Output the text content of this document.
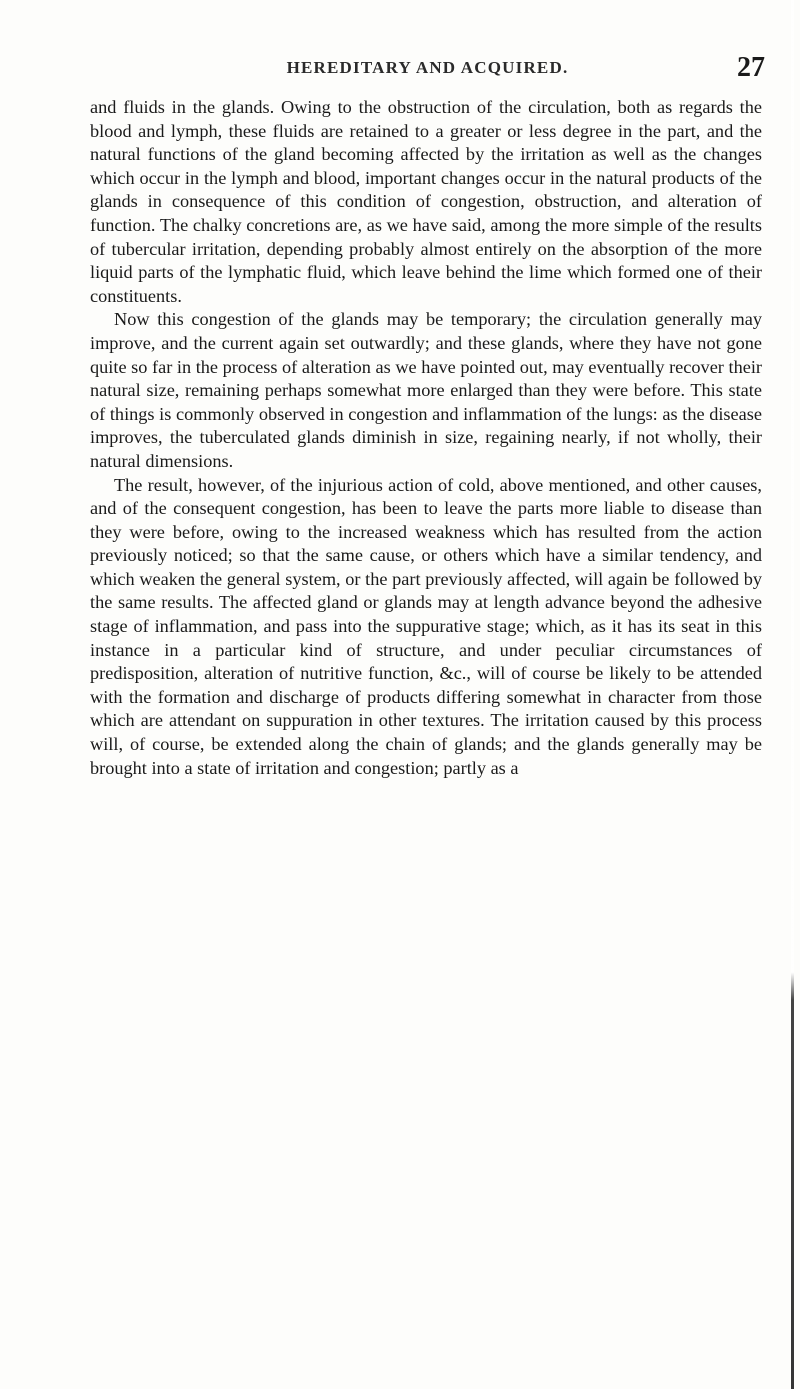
HEREDITARY AND ACQUIRED.	27

and fluids in the glands. Owing to the obstruction of the circulation, both as regards the blood and lymph, these fluids are retained to a greater or less degree in the part, and the natural functions of the gland becoming affected by the irritation as well as the changes which occur in the lymph and blood, important changes occur in the natural products of the glands in consequence of this condition of congestion, obstruction, and alteration of function. The chalky concretions are, as we have said, among the more simple of the results of tubercular irritation, depending probably almost entirely on the absorption of the more liquid parts of the lymphatic fluid, which leave behind the lime which formed one of their constituents.

Now this congestion of the glands may be temporary; the circulation generally may improve, and the current again set outwardly; and these glands, where they have not gone quite so far in the process of alteration as we have pointed out, may eventually recover their natural size, remaining perhaps somewhat more enlarged than they were before. This state of things is commonly observed in congestion and inflammation of the lungs: as the disease improves, the tuberculated glands diminish in size, regaining nearly, if not wholly, their natural dimensions.

The result, however, of the injurious action of cold, above mentioned, and other causes, and of the consequent congestion, has been to leave the parts more liable to disease than they were before, owing to the increased weakness which has resulted from the action previously noticed; so that the same cause, or others which have a similar tendency, and which weaken the general system, or the part previously affected, will again be followed by the same results. The affected gland or glands may at length advance beyond the adhesive stage of inflammation, and pass into the suppurative stage; which, as it has its seat in this instance in a particular kind of structure, and under peculiar circumstances of predisposition, alteration of nutritive function, &c., will of course be likely to be attended with the formation and discharge of products differing somewhat in character from those which are attendant on suppuration in other textures. The irritation caused by this process will, of course, be extended along the chain of glands; and the glands generally may be brought into a state of irritation and congestion; partly as a
